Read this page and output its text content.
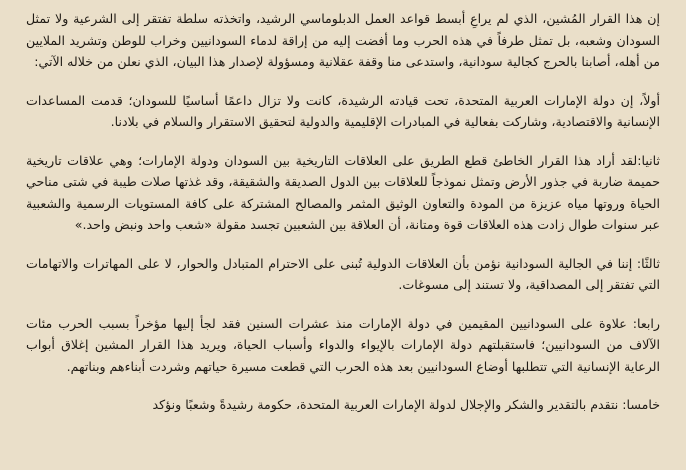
إن هذا القرار المُشين، الذي لم يراعِ أبسط قواعد العمل الدبلوماسي الرشيد، واتخذته سلطة تفتقر إلى الشرعية ولا تمثل السودان وشعبه، بل تمثل طرفاً في هذه الحرب وما أفضت إليه من إراقة لدماء السودانيين وخراب للوطن وتشريد الملايين من أهله، أصابنا بالحرج كجالية سودانية، واستدعى منا وقفة عقلانية ومسؤولة لإصدار هذا البيان، الذي نعلن من خلاله الآتي:

أولاً، إن دولة الإمارات العربية المتحدة، تحت قيادته الرشيدة، كانت ولا تزال داعمًا أساسيًا للسودان؛ قدمت المساعدات الإنسانية والاقتصادية، وشاركت بفعالية في المبادرات الإقليمية والدولية لتحقيق الاستقرار والسلام في بلادنا.

ثانيا:لقد أراد هذا القرار الخاطئ قطع الطريق على العلاقات التاريخية بين السودان ودولة الإمارات؛ وهي علاقات تاريخية حميمة ضاربة في جذور الأرض وتمثل نموذجاً للعلاقات بين الدول الصديقة والشقيقة، وقد غذتها صلات طيبة في شتى مناحي الحياة وروتها مياه عزيزة من المودة والتعاون الوثيق المثمر والمصالح المشتركة على كافة المستويات الرسمية والشعبية عبر سنوات طوال زادت هذه العلاقات قوة ومتانة، أن العلاقة بين الشعبين تجسد مقولة «شعب واحد ونبض واحد.»

ثالثًا: إننا في الجالية السودانية نؤمن بأن العلاقات الدولية تُبنى على الاحترام المتبادل والحوار، لا على المهاترات والاتهامات التي تفتقر إلى المصداقية، ولا تستند إلى مسوغات.

رابعا: علاوة على السودانيين المقيمين في دولة الإمارات منذ عشرات السنين فقد لجأ إليها مؤخراً بسبب الحرب مئات الآلاف من السودانيين؛ فاستقبلتهم دولة الإمارات بالإيواء والدواء وأسباب الحياة، ويريد هذا القرار المشين إغلاق أبواب الرعاية الإنسانية التي تتطلبها أوضاع السودانيين بعد هذه الحرب التي قطعت مسيرة حياتهم وشردت أبناءهم وبناتهم.

خامسا: نتقدم بالتقدير والشكر والإجلال لدولة الإمارات العربية المتحدة، حكومة رشيدةً وشعبًا ونؤكد
